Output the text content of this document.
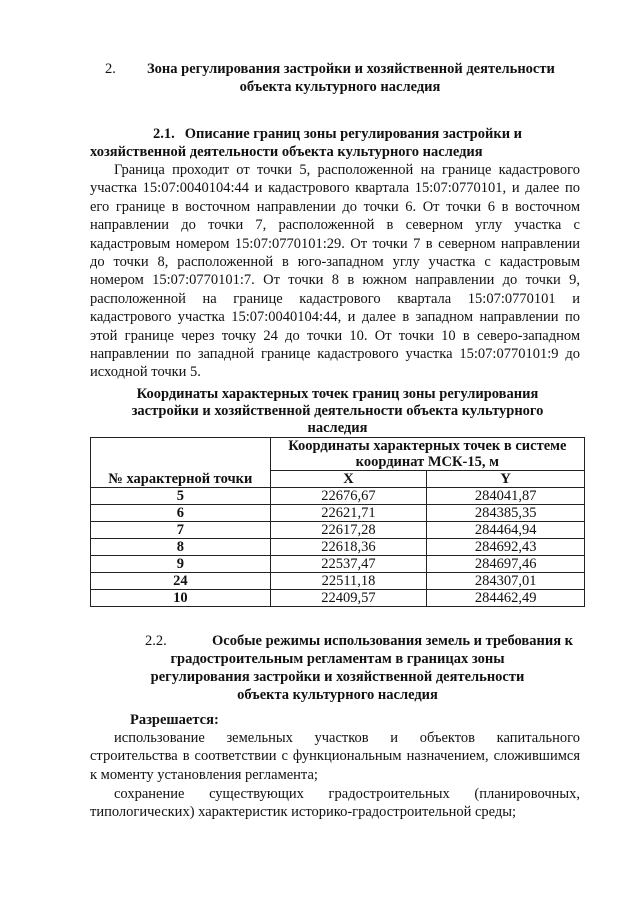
2. Зона регулирования застройки и хозяйственной деятельности
объекта культурного наследия
2.1. Описание границ зоны регулирования застройки и
хозяйственной деятельности объекта культурного наследия

Граница проходит от точки 5, расположенной на границе кадастрового участка 15:07:0040104:44 и кадастрового квартала 15:07:0770101, и далее по его границе в восточном направлении до точки 6. От точки 6 в восточном направлении до точки 7, расположенной в северном углу участка с кадастровым номером 15:07:0770101:29. От точки 7 в северном направлении до точки 8, расположенной в юго-западном углу участка с кадастровым номером 15:07:0770101:7. От точки 8 в южном направлении до точки 9, расположенной на границе кадастрового квартала 15:07:0770101 и кадастрового участка 15:07:0040104:44, и далее в западном направлении по этой границе через точку 24 до точки 10. От точки 10 в северо-западном направлении по западной границе кадастрового участка 15:07:0770101:9 до исходной точки 5.

Координаты характерных точек границ зоны регулирования
застройки и хозяйственной деятельности объекта культурного
наследия
№ характерной точки	Координаты характерных точек в системе
координат МСК-15, м	

	X	Y
5	22676,67	284041,87
6	22621,71	284385,35
7	22617,28	284464,94
8	22618,36	284692,43
9	22537,47	284697,46
24	22511,18	284307,01
10	22409,57	284462,49
2.2.	Особые режимы использования земель и требования к
градостроительным регламентам в границах зоны
регулирования застройки и хозяйственной деятельности
объекта культурного наследия
Разрешается:

использование земельных участков и объектов капитального строительства в соответствии с функциональным назначением, сложившимся к моменту установления регламента;

сохранение существующих градостроительных (планировочных, типологических) характеристик историко-градостроительной среды;
